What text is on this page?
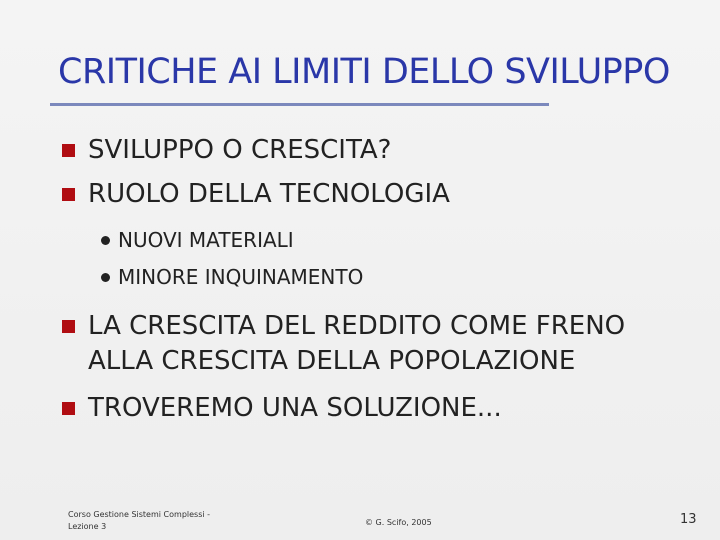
CRITICHE AI LIMITI DELLO SVILUPPO
SVILUPPO O CRESCITA?
RUOLO DELLA TECNOLOGIA
NUOVI MATERIALI
MINORE INQUINAMENTO
LA CRESCITA DEL REDDITO COME FRENO
ALLA CRESCITA DELLA POPOLAZIONE
TROVEREMO UNA SOLUZIONE...
Corso Gestione Sistemi Complessi - Lezione 3	© G. Scifo, 2005	13
